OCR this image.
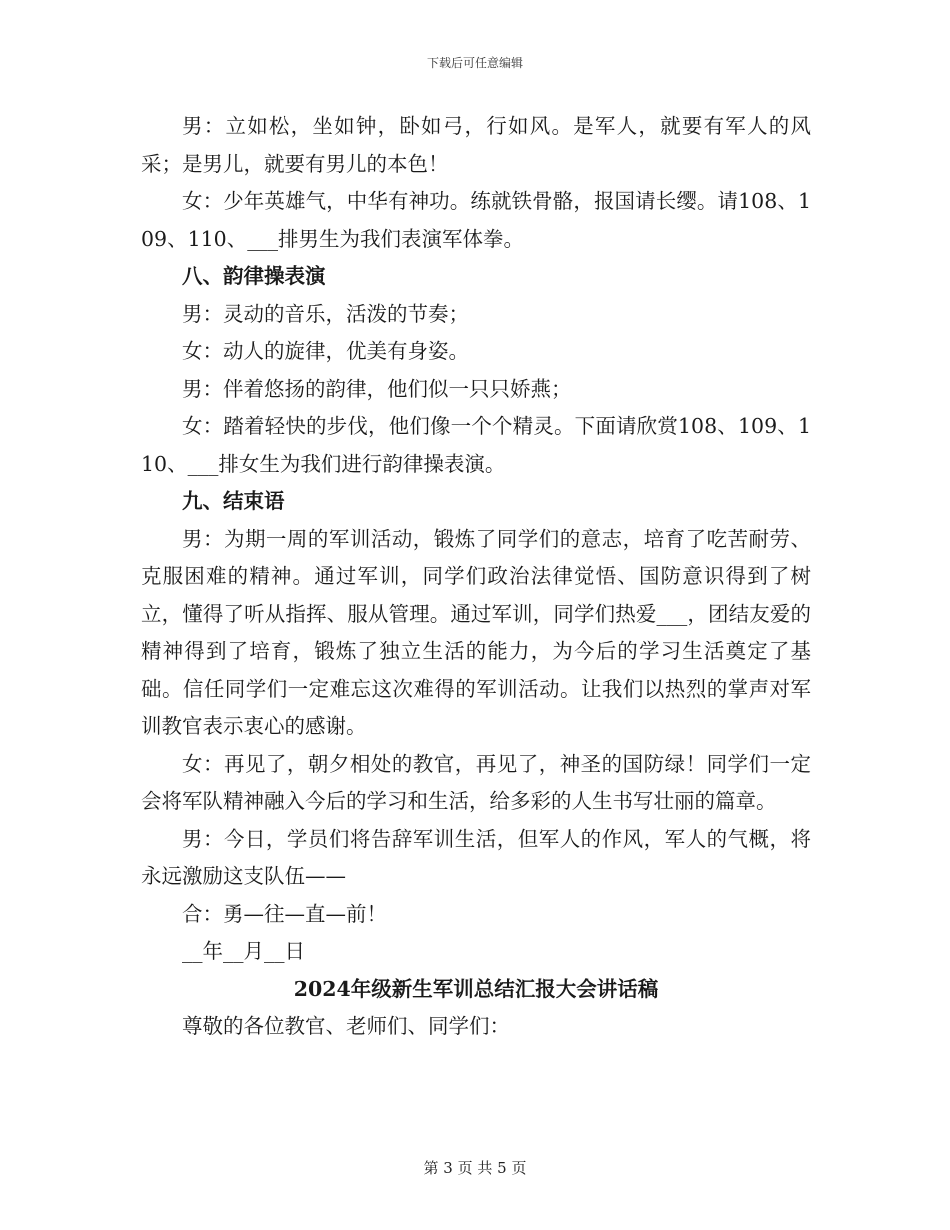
下载后可任意编辑

男：立如松，坐如钟，卧如弓，行如风。是军人，就要有军人的风采；是男儿，就要有男儿的本色！

女：少年英雄气，中华有神功。练就铁骨骼，报国请长缨。请108、109、110、___排男生为我们表演军体拳。

八、韵律操表演

男：灵动的音乐，活泼的节奏；

女：动人的旋律，优美有身姿。

男：伴着悠扬的韵律，他们似一只只娇燕；

女：踏着轻快的步伐，他们像一个个精灵。下面请欣赏108、109、110、___排女生为我们进行韵律操表演。

九、结束语

男：为期一周的军训活动，锻炼了同学们的意志，培育了吃苦耐劳、克服困难的精神。通过军训，同学们政治法律觉悟、国防意识得到了树立，懂得了听从指挥、服从管理。通过军训，同学们热爱___，团结友爱的精神得到了培育，锻炼了独立生活的能力，为今后的学习生活奠定了基础。信任同学们一定难忘这次难得的军训活动。让我们以热烈的掌声对军训教官表示衷心的感谢。

女：再见了，朝夕相处的教官，再见了，神圣的国防绿！同学们一定会将军队精神融入今后的学习和生活，给多彩的人生书写壮丽的篇章。

男：今日，学员们将告辞军训生活，但军人的作风，军人的气概，将永远激励这支队伍——

合：勇—往—直—前！

__年__月__日

2024年级新生军训总结汇报大会讲话稿

尊敬的各位教官、老师们、同学们：

第 3 页 共 5 页
